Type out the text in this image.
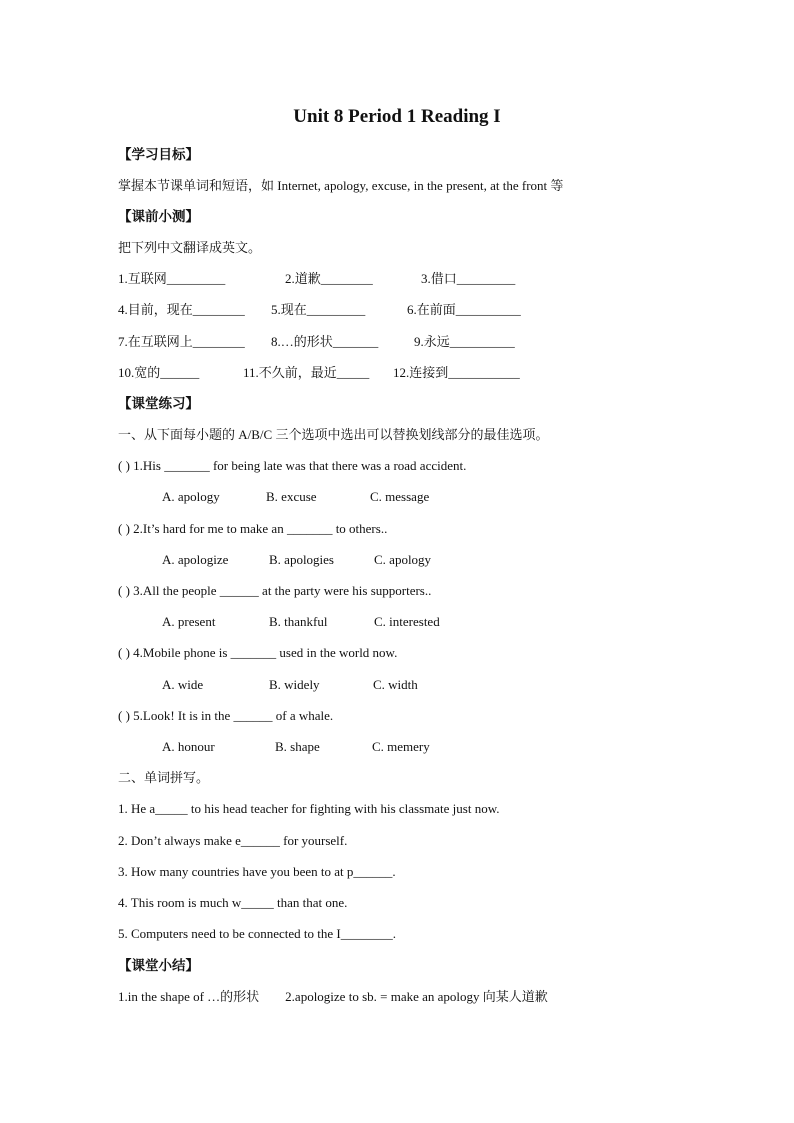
Unit 8 Period 1 Reading I
【学习目标】
掌握本节课单词和短语，如 Internet, apology, excuse, in the present, at the front 等
【课前小测】
把下列中文翻译成英文。
1.互联网_________	2.道歉________	3.借口_________
4.目前，现在________ 5.现在_________	6.在前面__________
7.在互联网上________ 8.…的形状_______	9.永远__________
10.宽的______	11.不久前，最近_____ 12.连接到___________
【课堂练习】
一、从下面每小题的 A/B/C 三个选项中选出可以替换划线部分的最佳选项。
( ) 1.His _______ for being late was that there was a road accident.
A. apology	B. excuse	C. message
( ) 2.It’s hard for me to make an _______ to others..
A. apologize	B. apologies	C. apology
( ) 3.All the people ______ at the party were his supporters..
A. present	B. thankful	C. interested
( ) 4.Mobile phone is _______ used in the world now.
A. wide	B. widely	C. width
( ) 5.Look! It is in the ______ of a whale.
A. honour	B. shape	C. memery
二、单词拼写。
1. He a_____ to his head teacher for fighting with his classmate just now.
2. Don’t always make e______ for yourself.
3. How many countries have you been to at p______.
4. This room is much w_____ than that one.
5. Computers need to be connected to the I________.
【课堂小结】
1.in the shape of …的形状        2.apologize to sb. = make an apology 向某人道歉
